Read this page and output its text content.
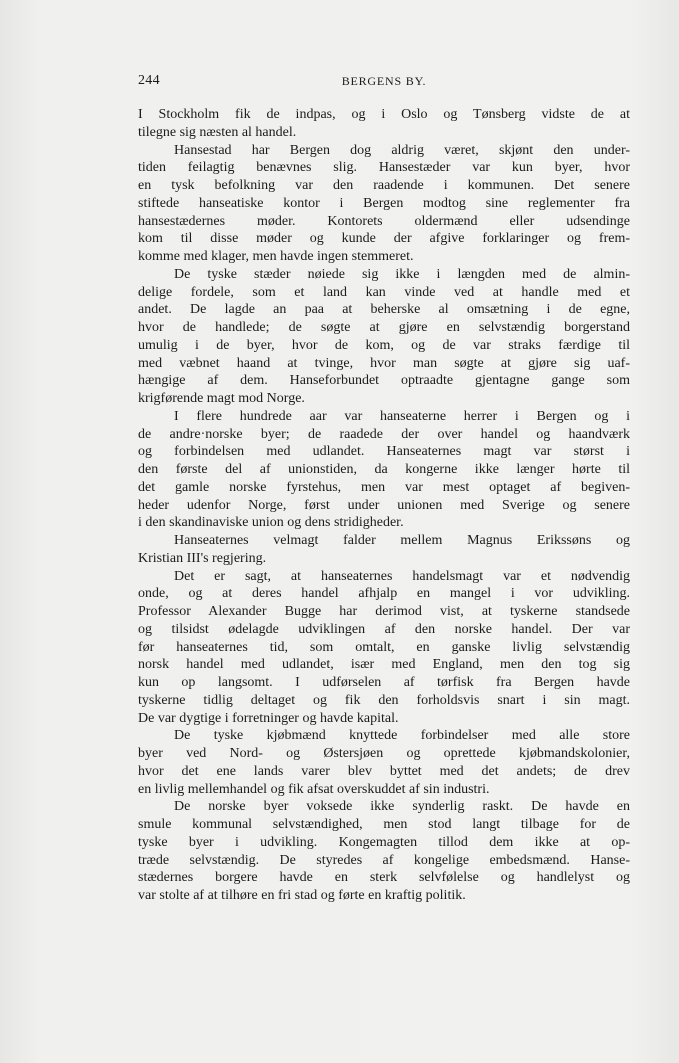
244	BERGENS BY.
I Stockholm fik de indpas, og i Oslo og Tønsberg vidste de at
tilegne sig næsten al handel.
Hansestad har Bergen dog aldrig været, skjønt den under-
tiden feilagtig benævnes slig. Hansestæder var kun byer, hvor
en tysk befolkning var den raadende i kommunen. Det senere
stiftede hanseatiske kontor i Bergen modtog sine reglementer fra
hansestædernes møder. Kontorets oldermænd eller udsendinge
kom til disse møder og kunde der afgive forklaringer og frem-
komme med klager, men havde ingen stemmeret.
De tyske stæder nøiede sig ikke i længden med de almin-
delige fordele, som et land kan vinde ved at handle med et
andet. De lagde an paa at beherske al omsætning i de egne,
hvor de handlede; de søgte at gjøre en selvstændig borgerstand
umulig i de byer, hvor de kom, og de var straks færdige til
med væbnet haand at tvinge, hvor man søgte at gjøre sig uaf-
hængige af dem. Hanseforbundet optraadte gjentagne gange som
krigførende magt mod Norge.
I flere hundrede aar var hanseaterne herrer i Bergen og i
de andre·norske byer; de raadede der over handel og haandværk
og forbindelsen med udlandet. Hanseaternes magt var størst i
den første del af unionstiden, da kongerne ikke længer hørte til
det gamle norske fyrstehus, men var mest optaget af begiven-
heder udenfor Norge, først under unionen med Sverige og senere
i den skandinaviske union og dens stridigheder.
Hanseaternes velmagt falder mellem Magnus Erikssøns og
Kristian III's regjering.
Det er sagt, at hanseaternes handelsmagt var et nødvendig
onde, og at deres handel afhjalp en mangel i vor udvikling.
Professor Alexander Bugge har derimod vist, at tyskerne standsede
og tilsidst ødelagde udviklingen af den norske handel. Der var
før hanseaternes tid, som omtalt, en ganske livlig selvstændig
norsk handel med udlandet, især med England, men den tog sig
kun op langsomt. I udførselen af tørfisk fra Bergen havde
tyskerne tidlig deltaget og fik den forholdsvis snart i sin magt.
De var dygtige i forretninger og havde kapital.
De tyske kjøbmænd knyttede forbindelser med alle store
byer ved Nord- og Østersjøen og oprettede kjøbmandskolonier,
hvor det ene lands varer blev byttet med det andets; de drev
en livlig mellemhandel og fik afsat overskuddet af sin industri.
De norske byer voksede ikke synderlig raskt. De havde en
smule kommunal selvstændighed, men stod langt tilbage for de
tyske byer i udvikling. Kongemagten tillod dem ikke at op-
træde selvstændig. De styredes af kongelige embedsmænd. Hanse-
stædernes borgere havde en sterk selvfølelse og handlelyst og
var stolte af at tilhøre en fri stad og førte en kraftig politik.
